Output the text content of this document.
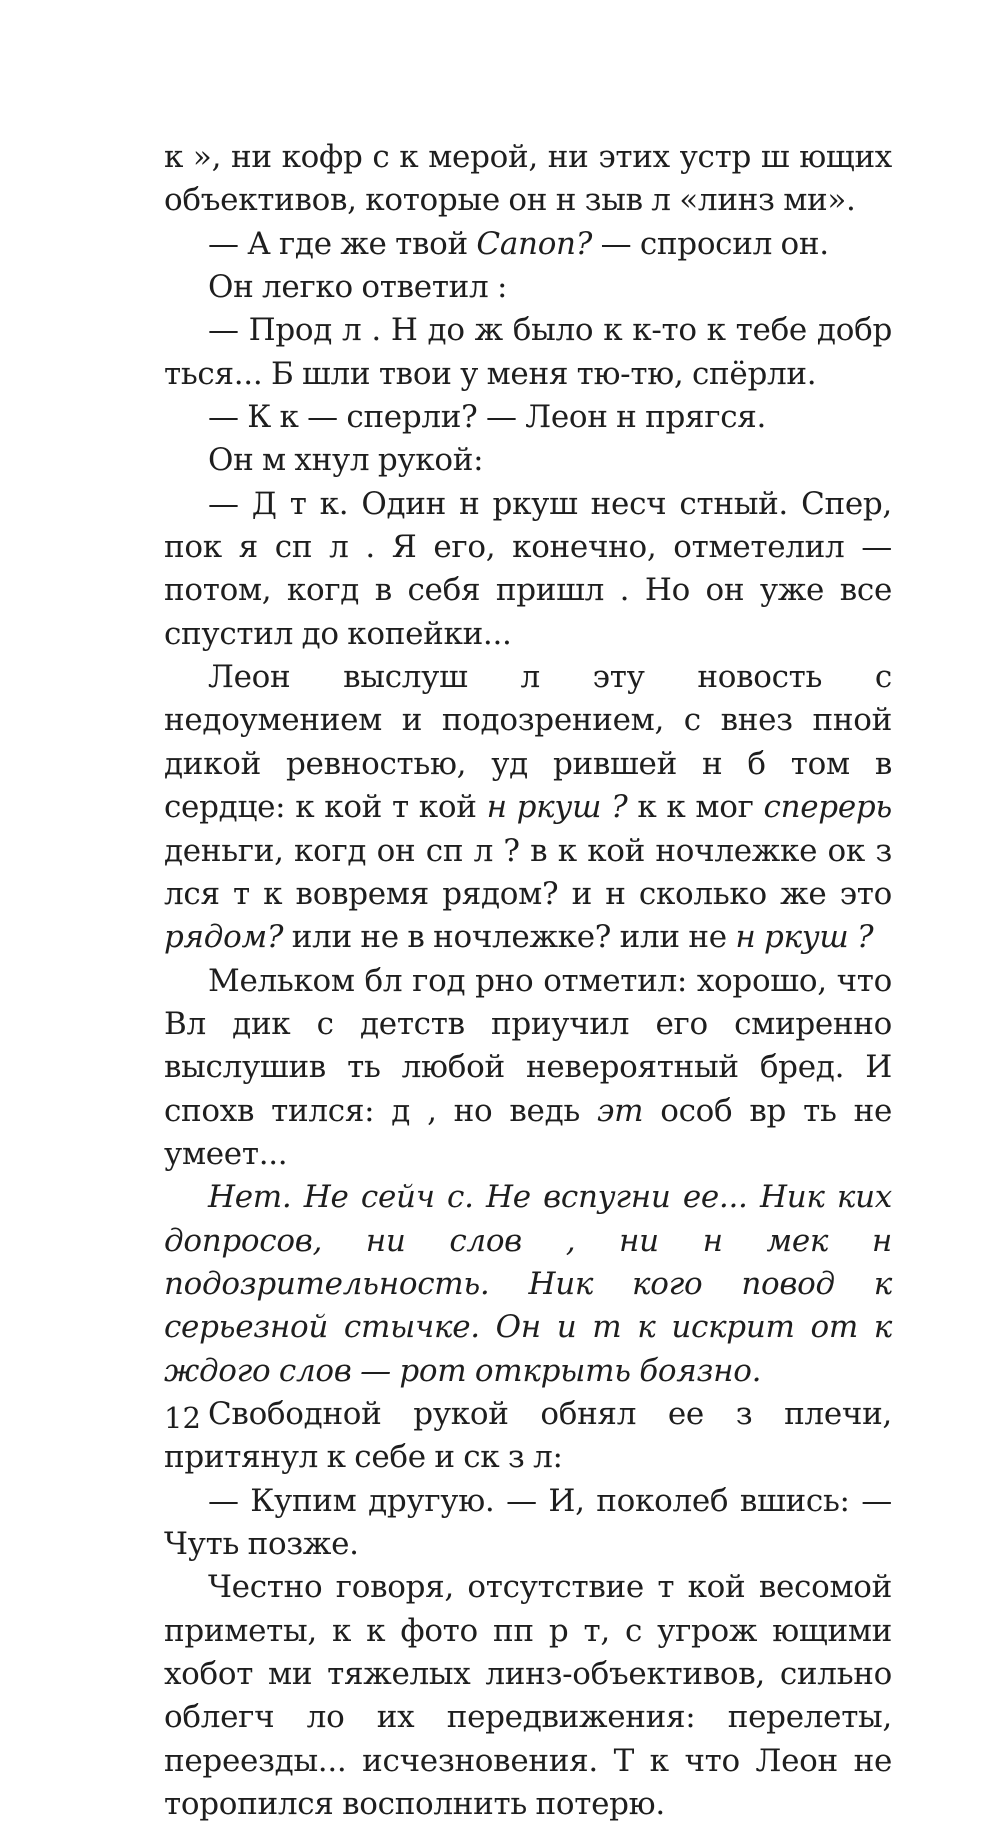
к », ни кофр с к мерой, ни этих устр ш ющих объективов, которые он н зыв л «линз ми».

— А где же твой Canon? — спросил он.

Он легко ответил :

— Прод л . Н до ж было к к-то к тебе добр ться... Б шли твои у меня тю-тю, спёрли.

— К к — сперли? — Леон н прягся.

Он м хнул рукой:

— Д т к. Один н ркуш несч стный. Спер, пок я сп л . Я его, конечно, отметелил — потом, когд в себя пришл . Но он уже все спустил до копейки...

Леон выслуш л эту новость с недоумением и подозрением, с внез пной дикой ревностью, уд рившей н б том в сердце: к кой т кой н ркуш ? к к мог сперерь деньги, когд он сп л ? в к кой ночлежке ок з лся т к вовремя рядом? и н сколько же это рядом? или не в ночлежке? или не н ркуш ?

Мельком бл год рно отметил: хорошо, что Вл дик с детств приучил его смиренно выслушив ть любой невероятный бред. И спохв тился: д , но ведь эт особ вр ть не умеет...

Нет. Не сейч с. Не вспугни ее... Ник ких допросов, ни слов , ни н мек н подозрительность. Ник кого повод к серьезной стычке. Он и т к искрит от к ждого слов — рот открыть боязно.

Свободной рукой обнял ее з плечи, притянул к себе и ск з л:

— Купим другую. — И, поколеб вшись: — Чуть позже.

Честно говоря, отсутствие т кой весомой приметы, к к фото пп р т, с угрож ющими хобот ми тяжелых линз-объективов, сильно облегч ло их передвижения: перелеты, переезды... исчезновения. Т к что Леон не торопился восполнить потерю.

12
